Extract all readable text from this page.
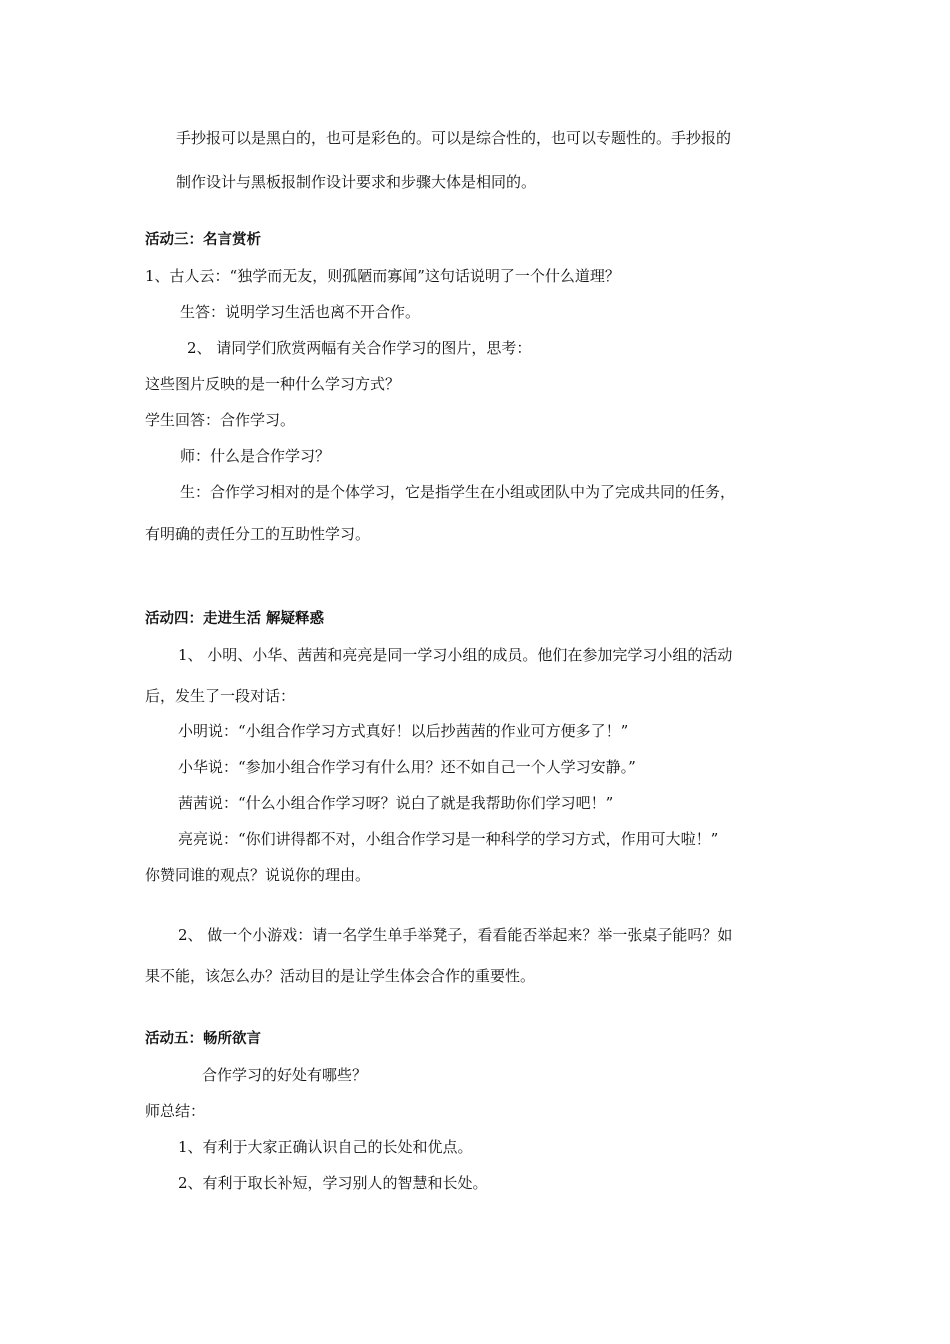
手抄报可以是黑白的，也可是彩色的。可以是综合性的，也可以专题性的。手抄报的
制作设计与黑板报制作设计要求和步骤大体是相同的。
活动三：名言赏析
1、古人云：“独学而无友，则孤陋而寡闻”这句话说明了一个什么道理？
生答：说明学习生活也离不开合作。
2、 请同学们欣赏两幅有关合作学习的图片，思考：
这些图片反映的是一种什么学习方式？
学生回答：合作学习。
师：什么是合作学习？
生：合作学习相对的是个体学习，它是指学生在小组或团队中为了完成共同的任务，
有明确的责任分工的互助性学习。
活动四：走进生活 解疑释惑
1、 小明、小华、茜茜和亮亮是同一学习小组的成员。他们在参加完学习小组的活动
后，发生了一段对话：
小明说：“小组合作学习方式真好！以后抄茜茜的作业可方便多了！”
小华说：“参加小组合作学习有什么用？还不如自己一个人学习安静。”
茜茜说：“什么小组合作学习呀？说白了就是我帮助你们学习吧！”
亮亮说：“你们讲得都不对，小组合作学习是一种科学的学习方式，作用可大啦！”
你赞同谁的观点？说说你的理由。
2、 做一个小游戏：请一名学生单手举凳子，看看能否举起来？举一张桌子能吗？如
果不能，该怎么办？活动目的是让学生体会合作的重要性。
活动五：畅所欲言
合作学习的好处有哪些？
师总结：
1、有利于大家正确认识自己的长处和优点。
2、有利于取长补短，学习别人的智慧和长处。
